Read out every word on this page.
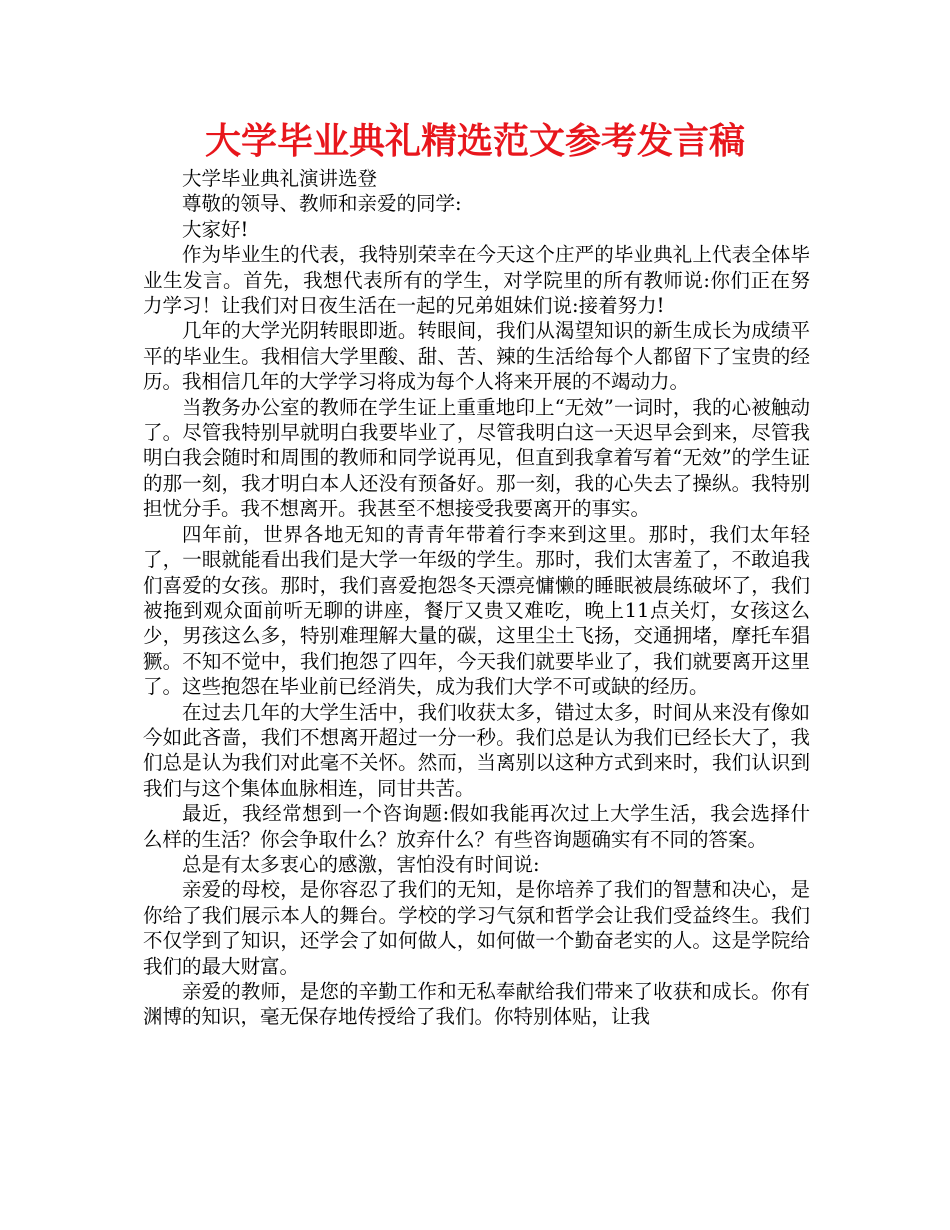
大学毕业典礼精选范文参考发言稿

大学毕业典礼演讲选登

尊敬的领导、教师和亲爱的同学:

大家好!

作为毕业生的代表，我特别荣幸在今天这个庄严的毕业典礼上代表全体毕业生发言。首先，我想代表所有的学生，对学院里的所有教师说:你们正在努力学习！让我们对日夜生活在一起的兄弟姐妹们说:接着努力!

几年的大学光阴转眼即逝。转眼间，我们从渴望知识的新生成长为成绩平平的毕业生。我相信大学里酸、甜、苦、辣的生活给每个人都留下了宝贵的经历。我相信几年的大学学习将成为每个人将来开展的不竭动力。

当教务办公室的教师在学生证上重重地印上“无效”一词时，我的心被触动了。尽管我特别早就明白我要毕业了，尽管我明白这一天迟早会到来，尽管我明白我会随时和周围的教师和同学说再见，但直到我拿着写着“无效”的学生证的那一刻，我才明白本人还没有预备好。那一刻，我的心失去了操纵。我特别担忧分手。我不想离开。我甚至不想接受我要离开的事实。

四年前，世界各地无知的青青年带着行李来到这里。那时，我们太年轻了，一眼就能看出我们是大学一年级的学生。那时，我们太害羞了，不敢追我们喜爱的女孩。那时，我们喜爱抱怨冬天漂亮慵懒的睡眠被晨练破坏了，我们被拖到观众面前听无聊的讲座，餐厅又贵又难吃，晚上11点关灯，女孩这么少，男孩这么多，特别难理解大量的碳，这里尘土飞扬，交通拥堵，摩托车猖獗。不知不觉中，我们抱怨了四年，今天我们就要毕业了，我们就要离开这里了。这些抱怨在毕业前已经消失，成为我们大学不可或缺的经历。

在过去几年的大学生活中，我们收获太多，错过太多，时间从来没有像如今如此吝啬，我们不想离开超过一分一秒。我们总是认为我们已经长大了，我们总是认为我们对此毫不关怀。然而，当离别以这种方式到来时，我们认识到我们与这个集体血脉相连，同甘共苦。

最近，我经常想到一个咨询题:假如我能再次过上大学生活，我会选择什么样的生活？你会争取什么？放弃什么？有些咨询题确实有不同的答案。

总是有太多衷心的感激，害怕没有时间说:

亲爱的母校，是你容忍了我们的无知，是你培养了我们的智慧和决心，是你给了我们展示本人的舞台。学校的学习气氛和哲学会让我们受益终生。我们不仅学到了知识，还学会了如何做人，如何做一个勤奋老实的人。这是学院给我们的最大财富。

亲爱的教师，是您的辛勤工作和无私奉献给我们带来了收获和成长。你有渊博的知识，毫无保存地传授给了我们。你特别体贴，让我
